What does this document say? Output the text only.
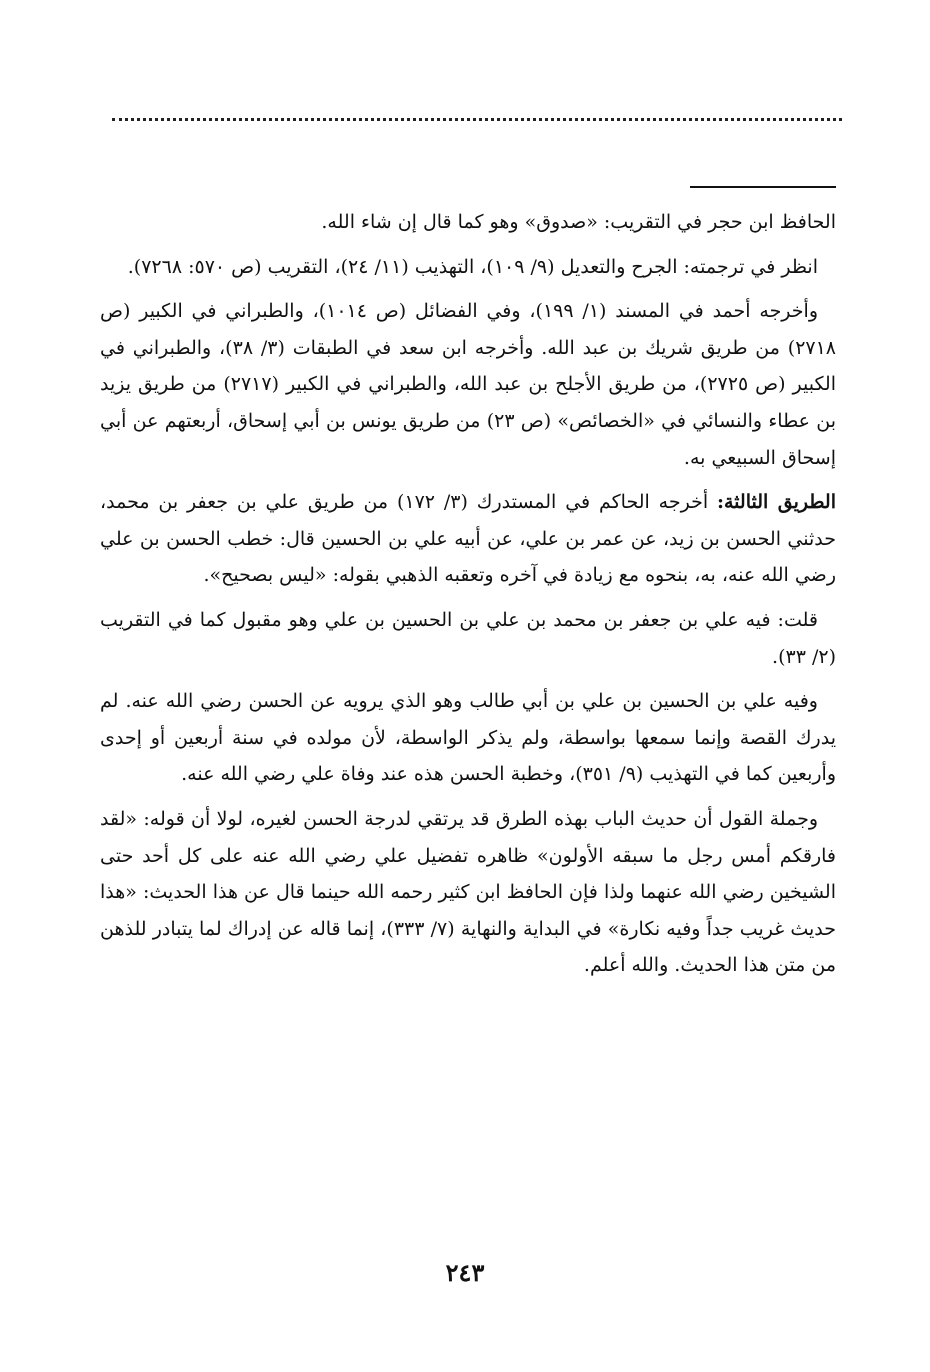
الحافظ ابن حجر في التقريب: «صدوق» وهو كما قال إن شاء الله.

انظر في ترجمته: الجرح والتعديل (٩/ ١٠٩)، التهذيب (١١/ ٢٤)، التقريب (ص ٥٧٠: ٧٢٦٨).

وأخرجه أحمد في المسند (١/ ١٩٩)، وفي الفضائل (ص ١٠١٤)، والطبراني في الكبير (ص ٢٧١٨) من طريق شريك بن عبد الله. وأخرجه ابن سعد في الطبقات (٣/ ٣٨)، والطبراني في الكبير (ص ٢٧٢٥)، من طريق الأجلح بن عبد الله، والطبراني في الكبير (٢٧١٧) من طريق يزيد بن عطاء والنسائي في «الخصائص» (ص ٢٣) من طريق يونس بن أبي إسحاق، أربعتهم عن أبي إسحاق السبيعي به.

الطريق الثالثة: أخرجه الحاكم في المستدرك (٣/ ١٧٢) من طريق علي بن جعفر بن محمد، حدثني الحسن بن زيد، عن عمر بن علي، عن أبيه علي بن الحسين قال: خطب الحسن بن علي رضي الله عنه، به، بنحوه مع زيادة في آخره وتعقبه الذهبي بقوله: «ليس بصحيح».

قلت: فيه علي بن جعفر بن محمد بن علي بن الحسين بن علي وهو مقبول كما في التقريب (٢/ ٣٣).

وفيه علي بن الحسين بن علي بن أبي طالب وهو الذي يرويه عن الحسن رضي الله عنه. لم يدرك القصة وإنما سمعها بواسطة، ولم يذكر الواسطة، لأن مولده في سنة أربعين أو إحدى وأربعين كما في التهذيب (٩/ ٣٥١)، وخطبة الحسن هذه عند وفاة علي رضي الله عنه.

وجملة القول أن حديث الباب بهذه الطرق قد يرتقي لدرجة الحسن لغيره، لولا أن قوله: «لقد فارقكم أمس رجل ما سبقه الأولون» ظاهره تفضيل علي رضي الله عنه على كل أحد حتى الشيخين رضي الله عنهما ولذا فإن الحافظ ابن كثير رحمه الله حينما قال عن هذا الحديث: «هذا حديث غريب جداً وفيه نكارة» في البداية والنهاية (٧/ ٣٣٣)، إنما قاله عن إدراك لما يتبادر للذهن من متن هذا الحديث. والله أعلم.

٢٤٣
